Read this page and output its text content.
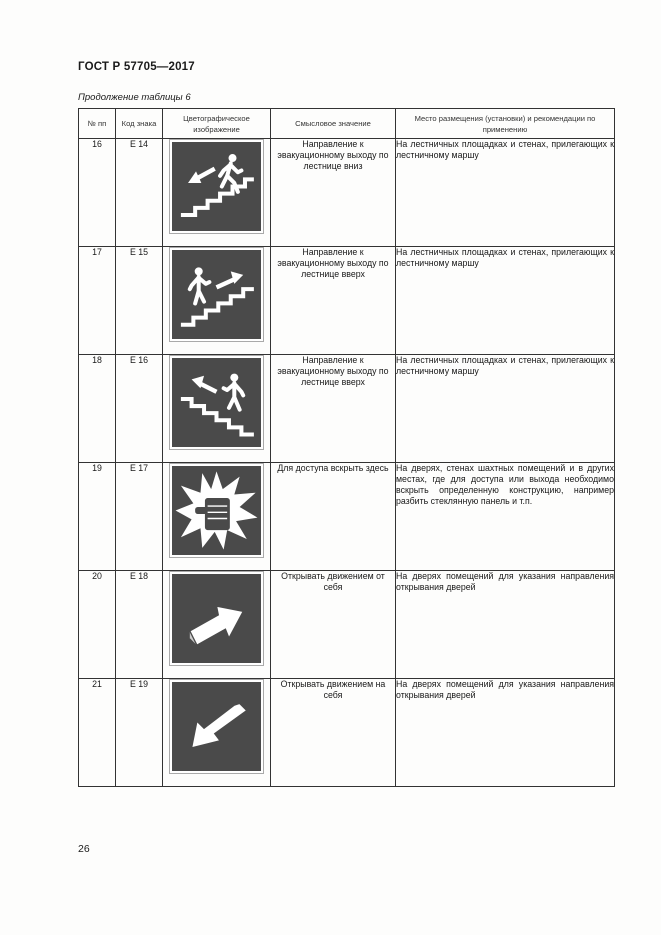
ГОСТ Р 57705—2017
Продолжение таблицы 6
№ пп	Код знака	Цветографическое изображение	Смысловое значение	Место размещения (установки) и рекомендации по применению
16	Е 14		Направление к эвакуационному выходу по лестнице вниз	На лестничных площадках и стенах, прилегающих к лестничному маршу
17	Е 15		Направление к эвакуационному выходу по лестнице вверх	На лестничных площадках и стенах, прилегающих к лестничному маршу
18	Е 16		Направление к эвакуационному выходу по лестнице вверх	На лестничных площадках и стенах, прилегающих к лестничному маршу
19	Е 17		Для доступа вскрыть здесь	На дверях, стенах шахтных помещений и в других местах, где для доступа или выхода необходимо вскрыть определенную конструкцию, например разбить стеклянную панель и т.п.
20	Е 18		Открывать движением от себя	На дверях помещений для указания направления открывания дверей
21	Е 19		Открывать движением на себя	На дверях помещений для указания направления открывания дверей
26
